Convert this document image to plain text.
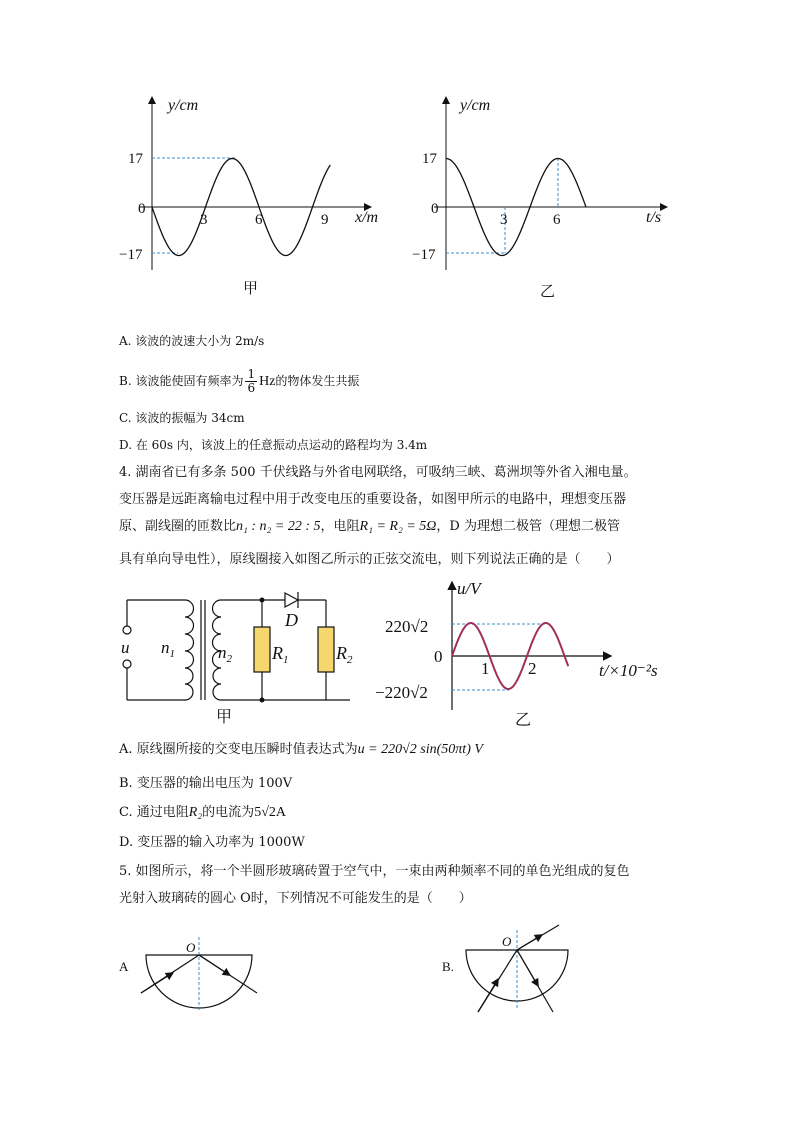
y/cm
x/m
17
0
−17
3	6	9
甲
y/cm
t/s
17
0
−17
3	6
乙
A. 该波的波速大小为 2m/s
B. 该波能使固有频率为 $\frac{1}{6}$ Hz的物体发生共振
C. 该波的振幅为 34cm
D. 在 60s 内，该波上的任意振动点运动的路程均为 3.4m
4. 湖南省已有多条 500 千伏线路与外省电网联络，可吸纳三峡、葛洲坝等外省入湘电量。
变压器是远距离输电过程中用于改变电压的重要设备，如图甲所示的电路中，理想变压器
原、副线圈的匝数比n₁ : n₂ = 22 : 5，电阻R₁ = R₂ = 5Ω，D 为理想二极管（理想二极管
具有单向导电性），原线圈接入如图乙所示的正弦交流电，则下列说法正确的是（　　）
u $n_1$	$n_2$ $R_1$	$R_2$
D
甲
u/V
t/×10⁻²s
220√2
0
−220√2
1 2
乙
A. 原线圈所接的交变电压瞬时值表达式为u = 220√2 sin(50πt) V
B. 变压器的输出电压为 100V
C. 通过电阻R₂的电流为5√2A
D. 变压器的输入功率为 1000W
5. 如图所示，将一个半圆形玻璃砖置于空气中，一束由两种频率不同的单色光组成的复色
光射入玻璃砖的圆心 O时，下列情况不可能发生的是（　　）
A
O
B.
O
